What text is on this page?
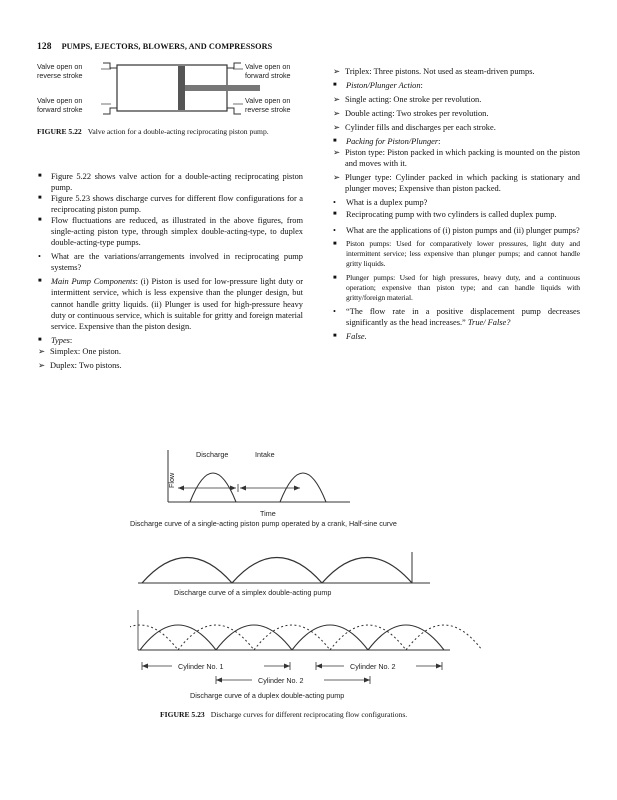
128 PUMPS, EJECTORS, BLOWERS, AND COMPRESSORS
Valve open on
reverse stroke
Valve open on
forward stroke
Valve open on
forward stroke
Valve open on
reverse stroke
FIGURE 5.22 Valve action for a double-acting reciprocating piston pump.

■ Figure 5.22 shows valve action for a double-acting reciprocating piston pump.

■ Figure 5.23 shows discharge curves for different flow configurations for a reciprocating piston pump.

■ Flow fluctuations are reduced, as illustrated in the above figures, from single-acting piston type, through simplex double-acting-type, to duplex double-acting-type pumps.

• What are the variations/arrangements involved in reciprocating pump systems?

■ Main Pump Components: (i) Piston is used for low-pressure light duty or intermittent service, which is less expensive than the plunger design, but cannot handle gritty liquids. (ii) Plunger is used for high-pressure heavy duty or continuous service, which is suitable for gritty and foreign material service. Expensive than the piston design.

■ Types:

➢ Simplex: One piston.

➢ Duplex: Two pistons.

➢ Triplex: Three pistons. Not used as steam-driven pumps.

■ Piston/Plunger Action:

➢ Single acting: One stroke per revolution.

➢ Double acting: Two strokes per revolution.

➢ Cylinder fills and discharges per each stroke.

■ Packing for Piston/Plunger:

➢ Piston type: Piston packed in which packing is mounted on the piston and moves with it.

➢ Plunger type: Cylinder packed in which packing is stationary and plunger moves; Expensive than piston packed.

• What is a duplex pump?

■ Reciprocating pump with two cylinders is called duplex pump.

• What are the applications of (i) piston pumps and (ii) plunger pumps?

■ Piston pumps: Used for comparatively lower pressures, light duty and intermittent service; less expensive than plunger pumps; and cannot handle gritty liquids.

■ Plunger pumps: Used for high pressures, heavy duty, and a continuous operation; expensive than piston type; and can handle liquids with gritty/foreign material.

• “The flow rate in a positive displacement pump decreases significantly as the head increases.” True/ False?

■ False.

Discharge	Intake
Flow
Time
Discharge curve of a single-acting piston pump operated by a crank, Half-sine curve
Discharge curve of a simplex double-acting pump
Cylinder No. 1	Cylinder No. 2
Cylinder No. 2
Discharge curve of a duplex double-acting pump
FIGURE 5.23 Discharge curves for different reciprocating flow configurations.
